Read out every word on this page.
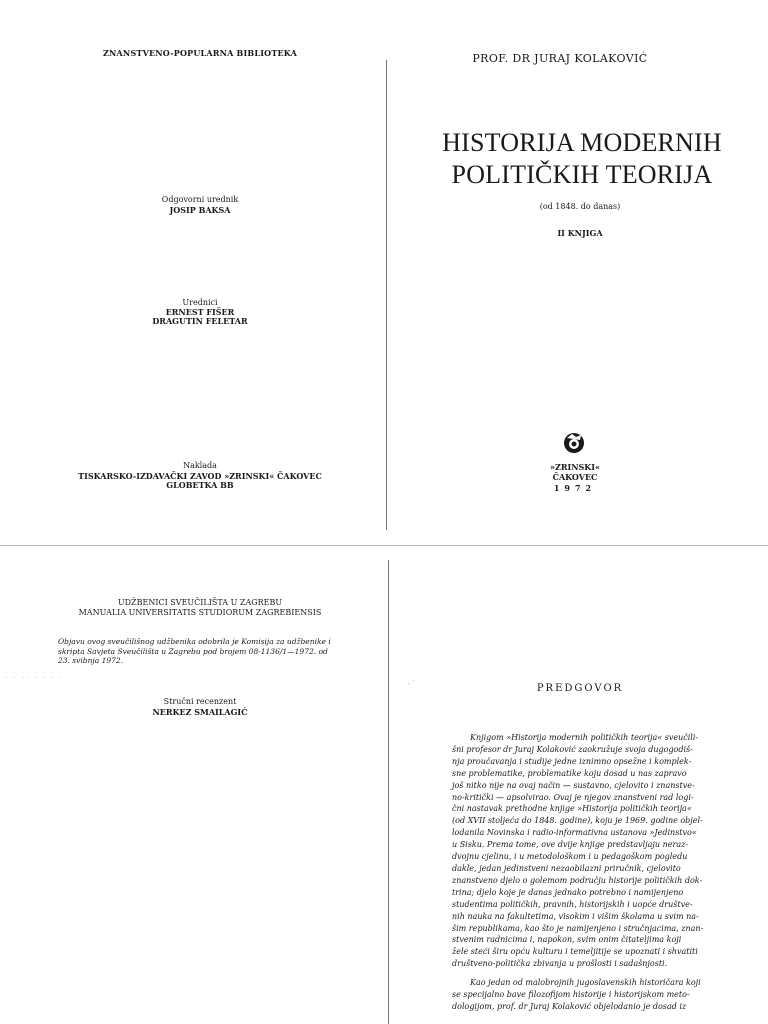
ZNANSTVENO-POPULARNA BIBLIOTEKA
Odgovorni urednik
JOSIP BAKSA
Urednici
ERNEST FIŠER
DRAGUTIN FELETAR
Naklada
TISKARSKO-IZDAVAČKI ZAVOD »ZRINSKI« ČAKOVEC
GLOBETKA BB
PROF. DR JURAJ KOLAKOVIĆ
HISTORIJA MODERNIH
POLITIČKIH TEORIJA
(od 1848. do danas)
II KNJIGA
»ZRINSKI«
ČAKOVEC
1972
UDŽBENICI SVEUČILIŠTA U ZAGREBU
MANUALIA UNIVERSITATIS STUDIORUM ZAGREBIENSIS
Objavu ovog sveučilišnog udžbenika odobrila je Komisija za udžbenike i skripta Savjeta Sveučilišta u Zagrebu pod brojem 08-1136/1—1972. od 23. svibnja 1972.
· · ·· · · · ·
Stručni recenzent
NERKEZ SMAILAGIĆ
· ′	PREDGOVOR
Knjigom »Historija modernih političkih teorija« sveučili-
šni profesor dr Juraj Kolaković zaokružuje svoja dugogodiš-
nja proučavanja i studije jedne iznimno opsežne i komplek-
sne problematike, problematike koju dosad u nas zapravo
još nitko nije na ovaj način — sustavno, cjelovito i znanstve-
no-kritički — apsolvirao. Ovaj je njegov znanstveni rad logi-
čni nastavak prethodne knjige »Historija političkih teorija«
(od XVII stoljeća do 1848. godine), koju je 1969. godine objel-
lodanila Novinska i radio-informativna ustanova »Jedinstvo«
u Sisku. Prema tome, ove dvije knjige predstavljaju neraz-
dvojnu cjelinu, i u metodološkom i u pedagoškom pogledu
dakle, jedan jedinstveni nezaobilazni priručnik, cjelovito
znanstveno djelo o golemom području historije političkih dok-
trina; djelo koje je danas jednako potrebno i namijenjeno
studentima političkih, pravnih, historijskih i uopće društve-
nih nauka na fakultetima, visokim i višim školama u svim na-
šim republikama, kao što je namijenjeno i stručnjacima, znan-
stvenim radnicima i, napokon, svim onim čitateljima koji
žele steći širu opću kulturu i temeljitije se upoznati i shvatiti
društveno-politička zbivanja u prošlosti i sadašnjosti.
Kao jedan od malobrojnih jugoslavenskih historičara koji
se specijalno bave filozofijom historije i historijskom meto-
dologijom, prof. dr Juraj Kolaković objelodanio je dosad iz
